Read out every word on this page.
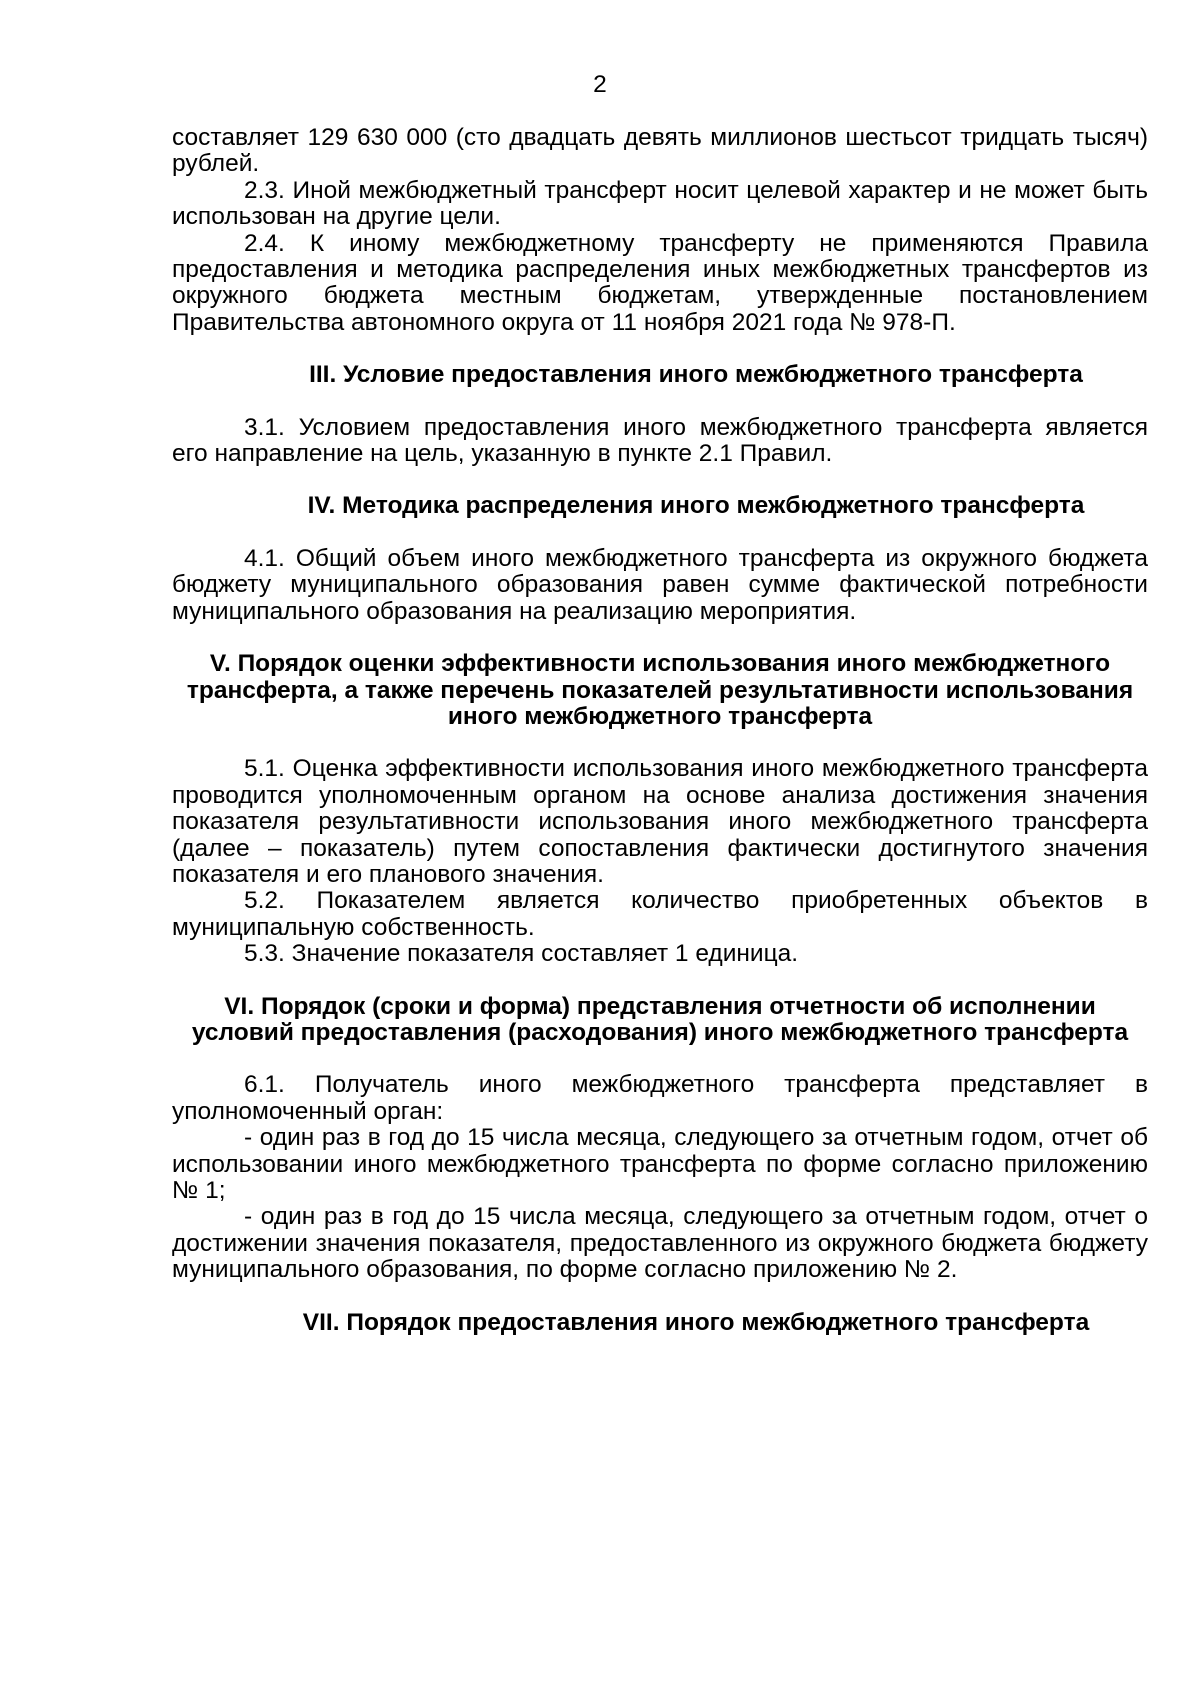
2

составляет 129 630 000 (сто двадцать девять миллионов шестьсот тридцать тысяч) рублей.

2.3. Иной межбюджетный трансферт носит целевой характер и не может быть использован на другие цели.

2.4. К иному межбюджетному трансферту не применяются Правила предоставления и методика распределения иных межбюджетных трансфертов из окружного бюджета местным бюджетам, утвержденные постановлением Правительства автономного округа от 11 ноября 2021 года № 978-П.

III. Условие предоставления иного межбюджетного трансферта

3.1. Условием предоставления иного межбюджетного трансферта является его направление на цель, указанную в пункте 2.1 Правил.

IV. Методика распределения иного межбюджетного трансферта

4.1. Общий объем иного межбюджетного трансферта из окружного бюджета бюджету муниципального образования равен сумме фактической потребности муниципального образования на реализацию мероприятия.

V. Порядок оценки эффективности использования иного межбюджетного трансферта, а также перечень показателей результативности использования иного межбюджетного трансферта

5.1. Оценка эффективности использования иного межбюджетного трансферта проводится уполномоченным органом на основе анализа достижения значения показателя результативности использования иного межбюджетного трансферта (далее – показатель) путем сопоставления фактически достигнутого значения показателя и его планового значения.

5.2. Показателем является количество приобретенных объектов в муниципальную собственность.

5.3. Значение показателя составляет 1 единица.

VI. Порядок (сроки и форма) представления отчетности об исполнении условий предоставления (расходования) иного межбюджетного трансферта

6.1. Получатель иного межбюджетного трансферта представляет в уполномоченный орган:

- один раз в год до 15 числа месяца, следующего за отчетным годом, отчет об использовании иного межбюджетного трансферта по форме согласно приложению № 1;

- один раз в год до 15 числа месяца, следующего за отчетным годом, отчет о достижении значения показателя, предоставленного из окружного бюджета бюджету муниципального образования, по форме согласно приложению № 2.

VII. Порядок предоставления иного межбюджетного трансферта
